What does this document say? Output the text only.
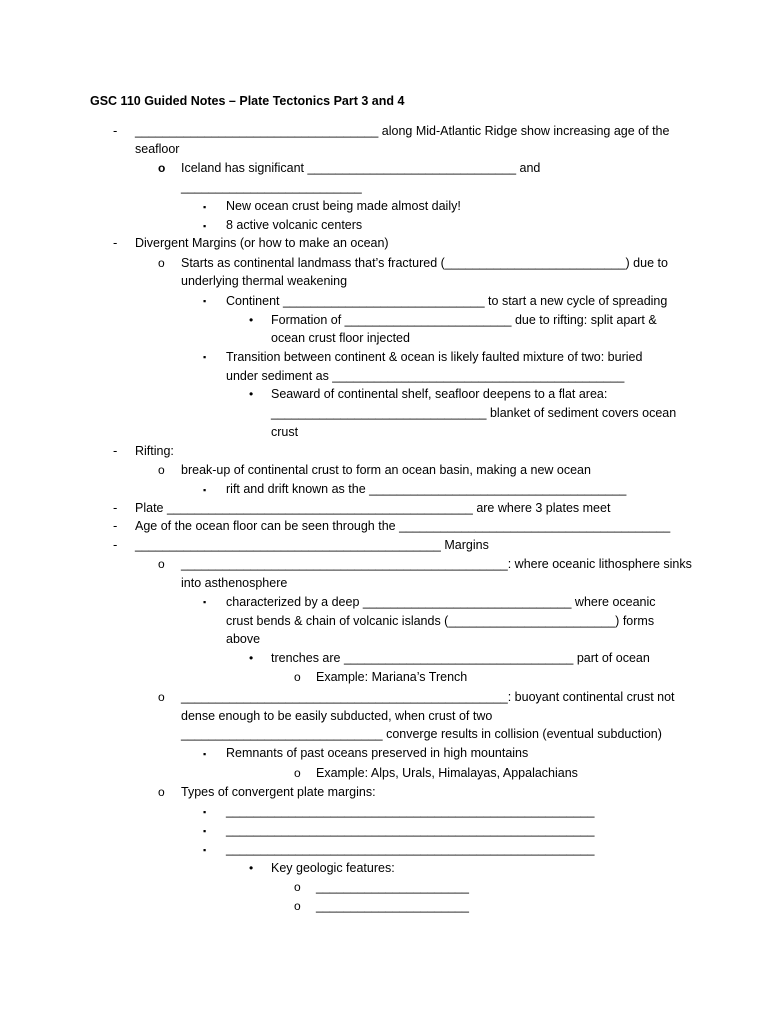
GSC 110 Guided Notes – Plate Tectonics Part 3 and 4
- ___________________________________ along Mid-Atlantic Ridge show increasing age of the
seafloor
o Iceland has significant ______________________________ and
__________________________
▪ New ocean crust being made almost daily!
▪ 8 active volcanic centers
- Divergent Margins (or how to make an ocean)
o Starts as continental landmass that’s fractured (__________________________) due to
underlying thermal weakening
▪ Continent _____________________________ to start a new cycle of spreading
• Formation of ________________________ due to rifting: split apart &
ocean crust floor injected
▪ Transition between continent & ocean is likely faulted mixture of two: buried
under sediment as __________________________________________
• Seaward of continental shelf, seafloor deepens to a flat area:
_______________________________ blanket of sediment covers ocean
crust
- Rifting:
o break-up of continental crust to form an ocean basin, making a new ocean
▪ rift and drift known as the _____________________________________
- Plate ____________________________________________ are where 3 plates meet
- Age of the ocean floor can be seen through the _______________________________________
- ____________________________________________ Margins
o _______________________________________________: where oceanic lithosphere sinks
into asthenosphere
▪ characterized by a deep ______________________________ where oceanic
crust bends & chain of volcanic islands (________________________) forms
above
• trenches are _________________________________ part of ocean
o Example: Mariana’s Trench
o _______________________________________________: buoyant continental crust not
dense enough to be easily subducted, when crust of two
_____________________________ converge results in collision (eventual subduction)
▪ Remnants of past oceans preserved in high mountains
o Example: Alps, Urals, Himalayas, Appalachians
o Types of convergent plate margins:
▪ _____________________________________________________
▪ _____________________________________________________
▪ _____________________________________________________
• Key geologic features:
o ______________________
o ______________________
